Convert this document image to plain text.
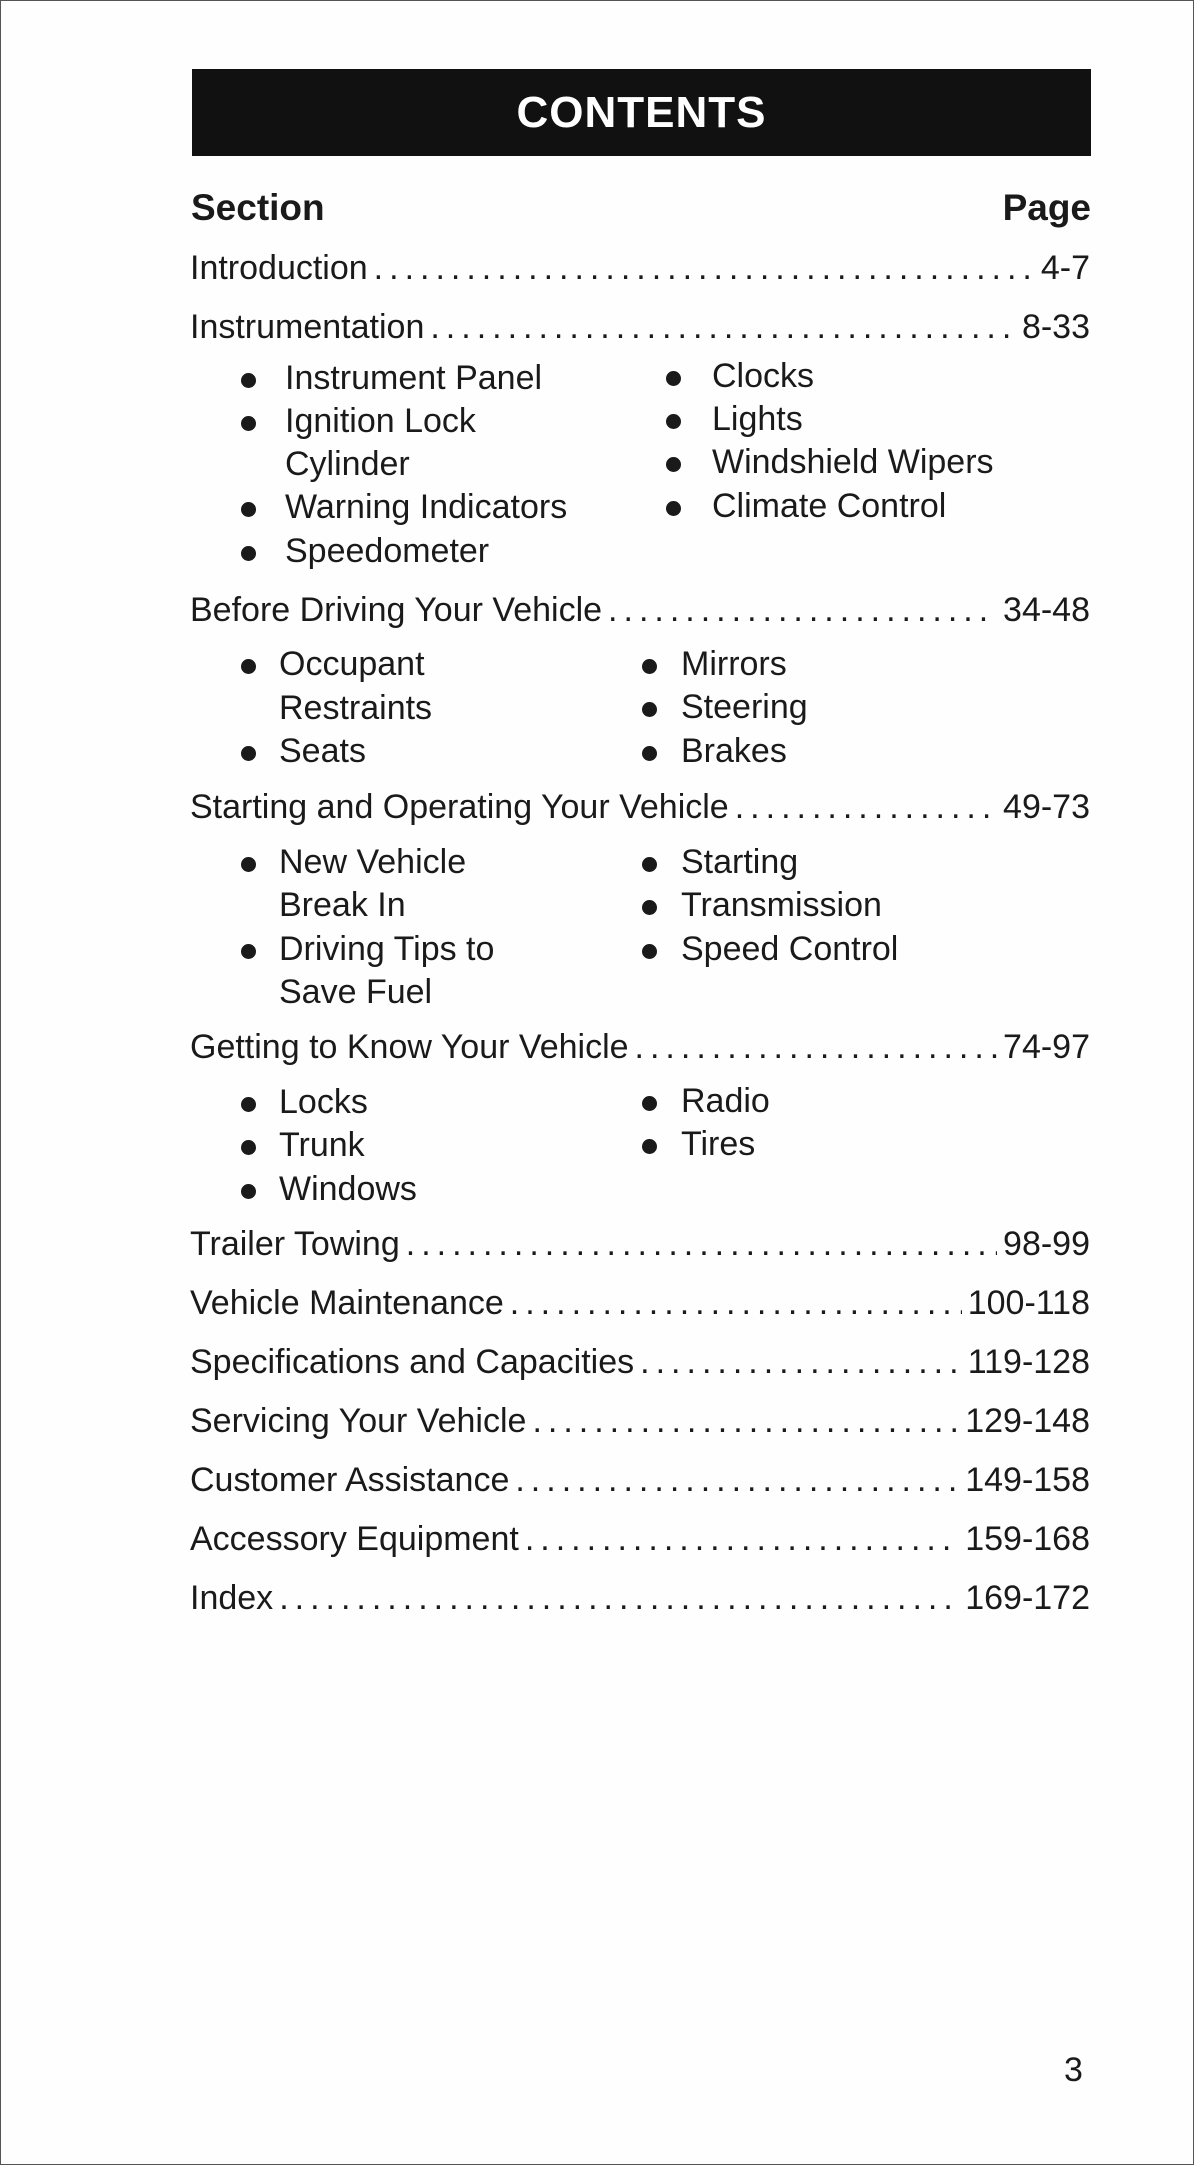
CONTENTS
Section	Page
Introduction .....	4-7
Instrumentation .....	8-33
Instrument Panel
Ignition Lock
Cylinder
Warning Indicators
Speedometer
Clocks
Lights
Windshield Wipers
Climate Control
Before Driving Your Vehicle .....	34-48
Occupant
Restraints
Seats
Mirrors
Steering
Brakes
Starting and Operating Your Vehicle .....	49-73
New Vehicle
Break In
Driving Tips to
Save Fuel
Starting
Transmission
Speed Control
Getting to Know Your Vehicle .....	74-97
Locks
Trunk
Windows
Radio
Tires
Trailer Towing .....	98-99
Vehicle Maintenance .....	100-118
Specifications and Capacities .....	119-128
Servicing Your Vehicle .....	129-148
Customer Assistance .....	149-158
Accessory Equipment .....	159-168
Index .....	169-172
3
